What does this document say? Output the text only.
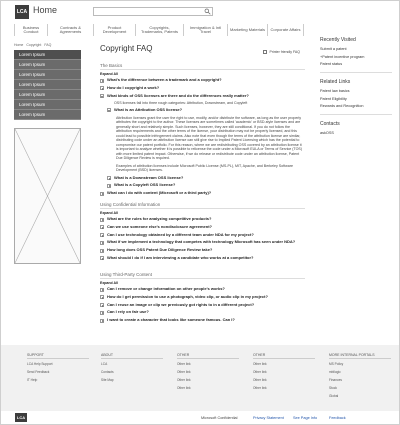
LCA Home
Business Conduct
Contracts & Agreements
Product Development
Copyrights, Trademarks, Patents
Immigration & Intl Travel	Marketing Materials	Corporate Affairs
Home Copyright FAQ
Lorem Ipsum
Lorem Ipsum
Lorem Ipsum
Lorem Ipsum
Lorem Ipsum
Lorem Ipsum
Lorem Ipsum
Copyright FAQ	Printer friendly FAQ
The Basics
Expand All
What's the difference between a trademark and a copyright?
How do I copyright a work?
What kinds of OSS licenses are there and do the differences really matter?
OSS licenses fall into three rough categories: Attribution, Downstream, and Copyleft
What is an Attribution OSS license?
Attribution licenses grant the user the right to use, modify, and/or distribute the software, as long as the user properly attributes the copyright to the author. These licenses are sometimes called 'academic' or BSD-style licenses and are generally short and relatively simple. Such licenses, however, they are still conditional. If you do not follow the attribution requirements and the other terms of the license, your distribution may not be properly licensed, and this could lead to possible infringement claims. Also note that even though the terms of the attribution license are similar, distributing code under an attribution license can still give rise to Implied Patent Licensing which has the potential to compromise our patent portfolio. For this reason, where we are redistributing OSS covered by an attribution license it is important to analyze whether it is possible to relicense the code under a Microsoft EULA or Terms of Service (TOS) with more limited patent impact. Otherwise, if we do release or redistribute code under an attribution license, Patent Due Diligence Review is required.
Examples of attribution licenses include Microsoft Public License (MS-PL), MIT, Apache, and Berkeley Software Development (BSD) licenses.
What is a Downstream OSS license?
What is a Copyleft OSS license?
What can I do with content (Microsoft or a third party)?
Using Confidential Information
Expand All
What are the rules for analyzing competitive products?
Can we use someone else's nondisclosure agreement?
Can I use technology obtained by a different team under NDA for my project?
What if we implement a technology that competes with technology Microsoft has seen under NDA?
How long does OSS Patent Due Diligence Review take?
What should I do if I am interviewing a candidate who works at a competitor?
Using Third-Party Content
Expand All
Can I remove or change information on other people's works?
How do I get permission to use a photograph, video clip, or audio clip in my project?
Can I reuse an image or clip we previously got rights to in a different project?
Can I rely on fair use?
I want to create a character that looks like someone famous. Can I?
Recently Visited
Submit a patent
+Patent incentive program
Patent status
Related Links
Patent law basics
Patent Eligibility
Rewards and Recognition
Contacts
askOSS
SUPPORT
LCA Help Support
Send Feedback
IT Help
ABOUT
LCA
Contacts
Site Map
OTHER
Other link
Other link
Other link
Other link
OTHER
Other link
Other link
Other link
Other link
MORE INTERNAL PORTALS
MS Policy
mbllogic
Finances
Stock
Global
LCA	Microsoft Confidential	Privacy Statement See Page Info	Feedback
